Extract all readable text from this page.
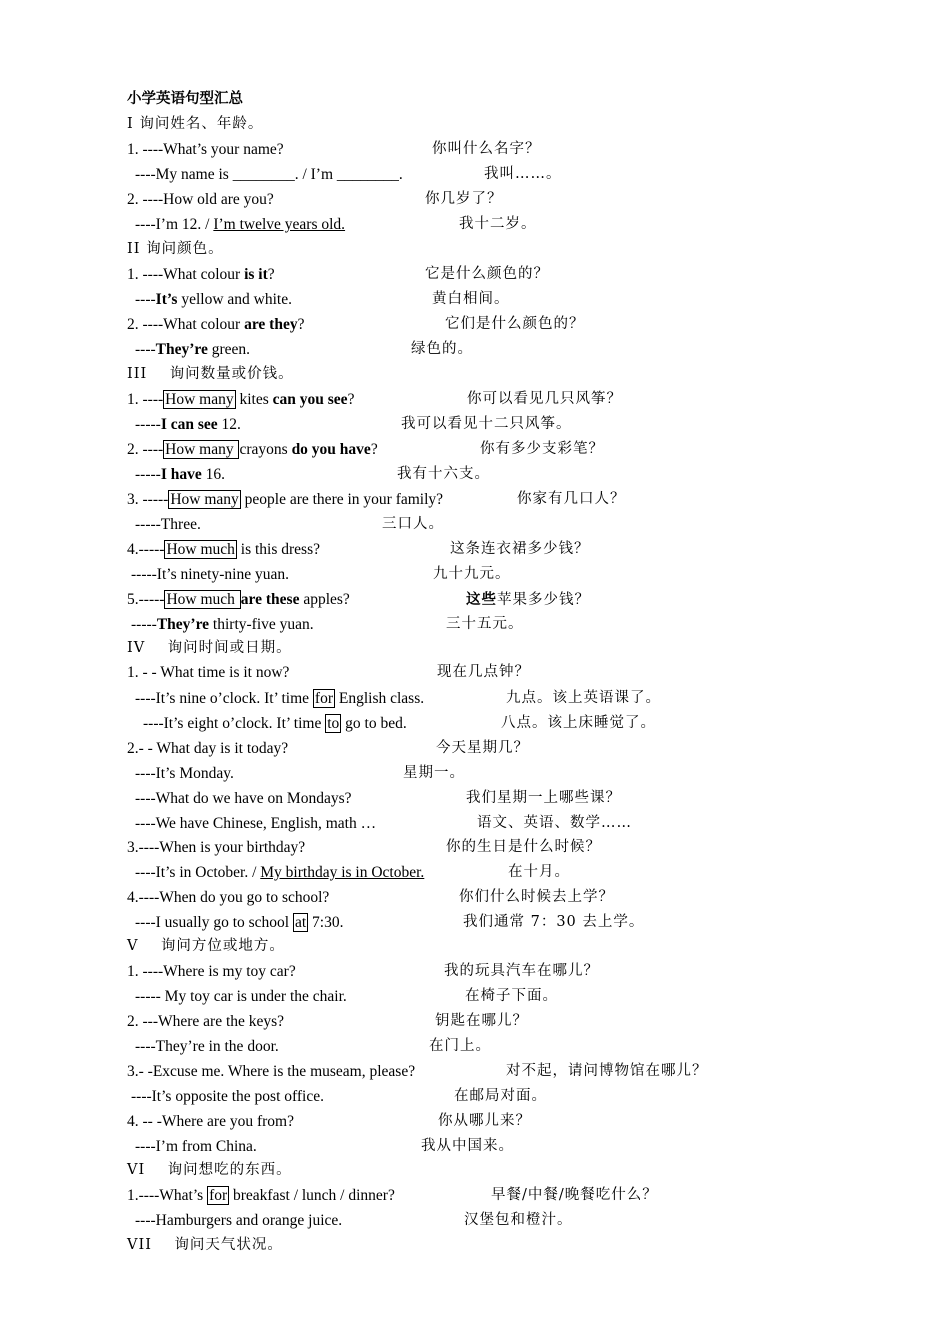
小学英语句型汇总
I 询问姓名、年龄。
1. ----What’s your name?	你叫什么名字？
----My name is ________. / I’m ________.	我叫……。
2. ----How old are you?	你几岁了？
----I’m 12. / I’m twelve years old.	我十二岁。
II 询问颜色。
1. ----What colour is it?	它是什么颜色的？
----It’s yellow and white.	黄白相间。
2. ----What colour are they?	它们是什么颜色的？
----They’re green.	绿色的。
III    询问数量或价钱。
1. ---- How many kites can you see?	你可以看见几只风筝？
-----I can see 12.	我可以看见十二只风筝。
2. ---- How many crayons do you have?	你有多少支彩笔？
-----I have 16.	我有十六支。
3. ----- How many people are there in your family?	你家有几口人？
-----Three.	三口人。
4.----- How much is this dress?	这条连衣裙多少钱？
-----It’s ninety-nine yuan.	九十九元。
5.----- How much are these apples?	这些苹果多少钱？
-----They’re thirty-five yuan.	三十五元。
IV    询问时间或日期。
1. - - What time is it now?	现在几点钟？
----It’s nine o’clock. It’ time for English class.	九点。该上英语课了。
----It’s eight o’clock. It’ time to go to bed.	八点。该上床睡觉了。
2.- - What day is it today?	今天星期几？
----It’s Monday.	星期一。
----What do we have on Mondays?	我们星期一上哪些课？
----We have Chinese, English, math …	语文、英语、数学……
3.----When is your birthday?	你的生日是什么时候？
----It’s in October. / My birthday is in October.	在十月。
4.----When do you go to school?	你们什么时候去上学？
----I usually go to school at 7:30.	我们通常 7：30 去上学。
V    询问方位或地方。
1. ----Where is my toy car?	我的玩具汽车在哪儿？
----- My toy car is under the chair.	在椅子下面。
2. ---Where are the keys?	钥匙在哪儿？
----They’re in the door.	在门上。
3.- -Excuse me. Where is the museam, please?	对不起，请问博物馆在哪儿？
----It’s opposite the post office.	在邮局对面。
4. -- -Where are you from?	你从哪儿来？
----I’m from China.	我从中国来。
VI    询问想吃的东西。
1.----What’s for breakfast / lunch / dinner?	早餐/中餐/晚餐吃什么？
----Hamburgers and orange juice.	汉堡包和橙汁。
VII    询问天气状况。
